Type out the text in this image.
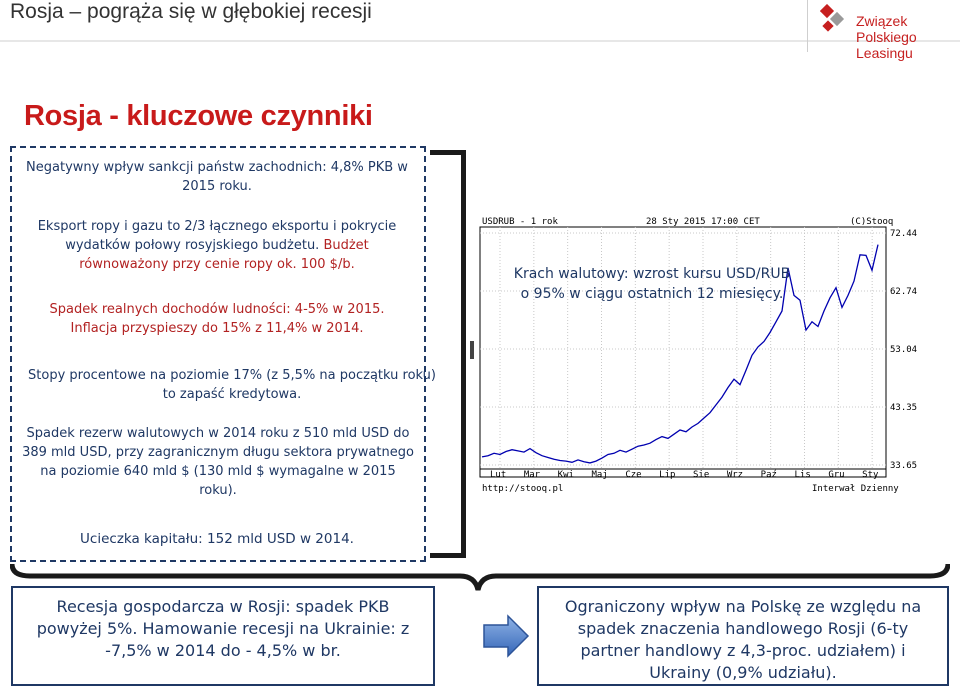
Rosja – pogrąża się w głębokiej recesji	Związek Polskiego
Leasingu
Rosja - kluczowe czynniki
Negatywny wpływ sankcji państw zachodnich: 4,8% PKB w 2015 roku.
Eksport ropy i gazu to 2/3 łącznego eksportu i pokrycie wydatków połowy rosyjskiego budżetu. Budżet równoważony przy cenie ropy ok. 100 $/b.
Spadek realnych dochodów ludności: 4-5% w 2015.
Inflacja przyspieszy do 15% z 11,4% w 2014.
Stopy procentowe na poziomie 17% (z 5,5% na początku roku) to zapaść kredytowa.
Spadek rezerw walutowych w 2014 roku z 510 mld USD do 389 mld USD, przy zagranicznym długu sektora prywatnego na poziomie 640 mld $ (130 mld $ wymagalne w 2015 roku).
Ucieczka kapitału: 152 mld USD w 2014.
USDRUB - 1 rok	28 Sty 2015 17:00 CET	(C)Stooq
72.44
62.74
53.04
43.35
33.65
Lut Mar Kwi Maj Cze Lip Sie Wrz Paź Lis Gru Sty
http://stooq.pl	Interwał Dzienny
Krach walutowy: wzrost kursu USD/RUB o 95% w ciągu ostatnich 12 miesięcy.
Recesja gospodarcza w Rosji: spadek PKB powyżej 5%. Hamowanie recesji na Ukrainie: z -7,5% w 2014 do - 4,5% w br.
Ograniczony wpływ na Polskę ze względu na spadek znaczenia handlowego Rosji (6-ty partner handlowy z 4,3-proc. udziałem) i Ukrainy (0,9% udziału).
